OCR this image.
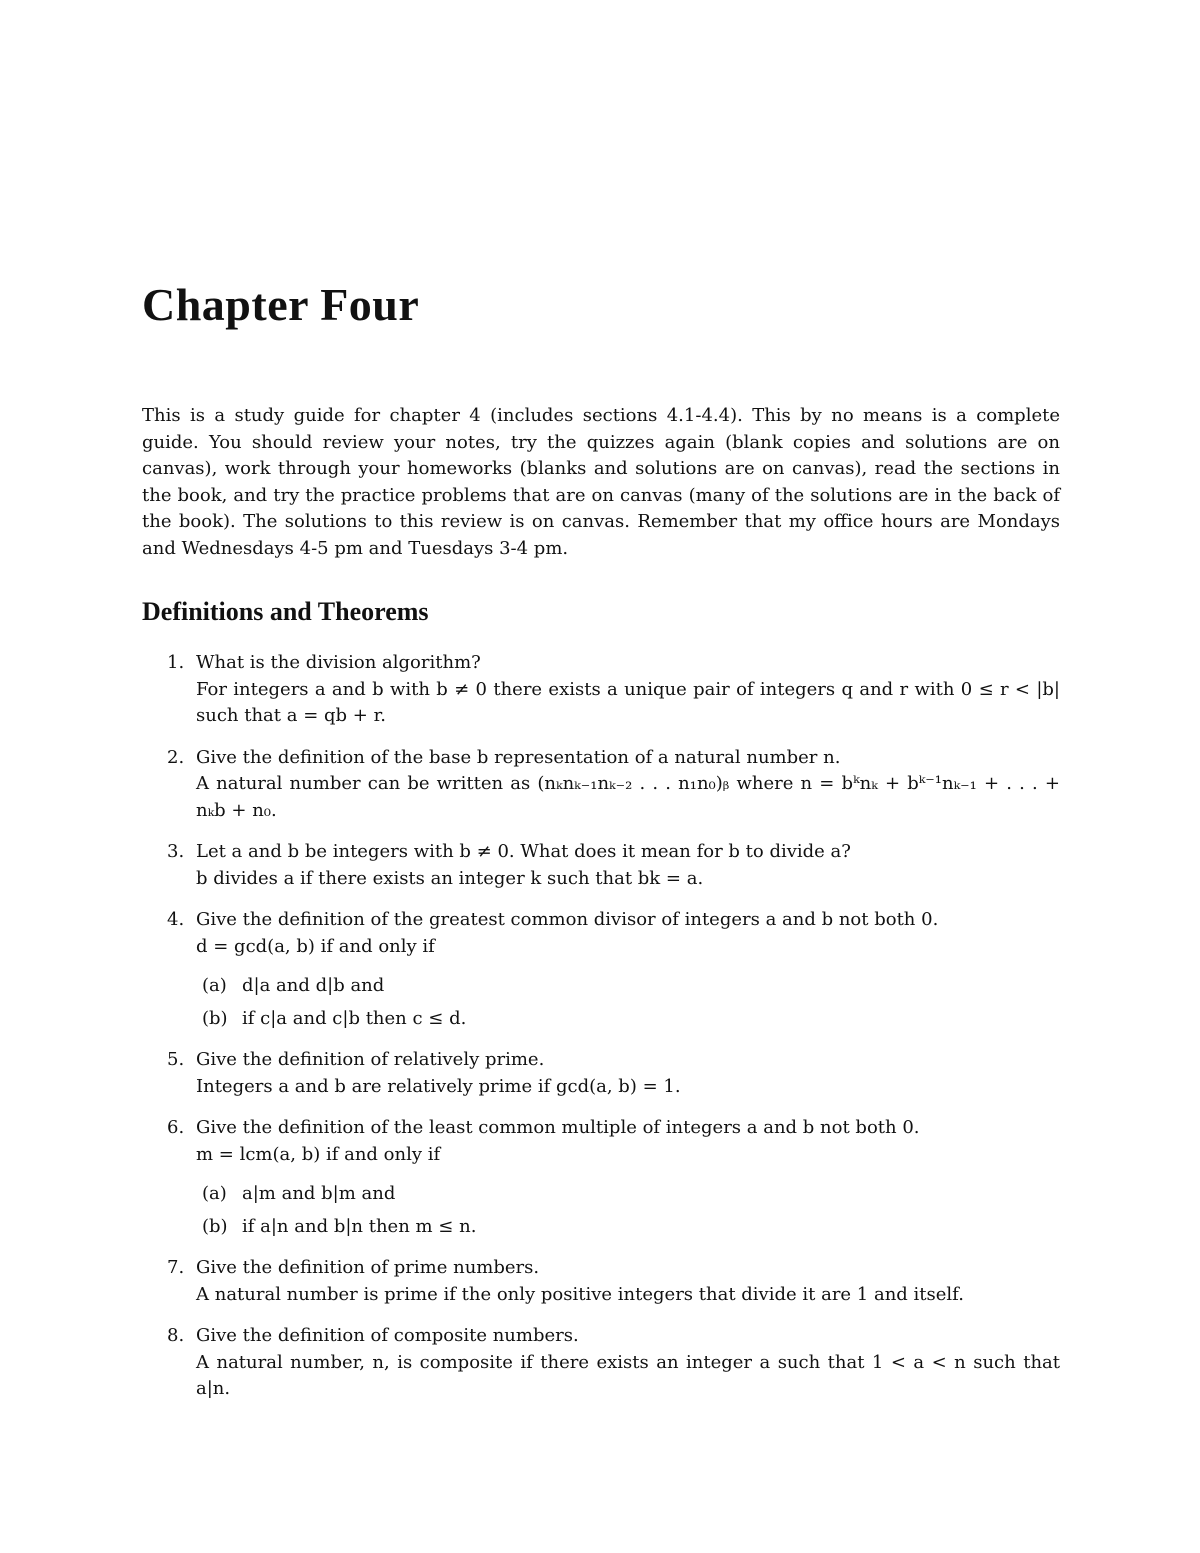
Chapter Four

This is a study guide for chapter 4 (includes sections 4.1-4.4). This by no means is a complete guide. You should review your notes, try the quizzes again (blank copies and solutions are on canvas), work through your homeworks (blanks and solutions are on canvas), read the sections in the book, and try the practice problems that are on canvas (many of the solutions are in the back of the book). The solutions to this review is on canvas. Remember that my office hours are Mondays and Wednesdays 4-5 pm and Tuesdays 3-4 pm.

Definitions and Theorems
1. What is the division algorithm?
For integers a and b with b ≠ 0 there exists a unique pair of integers q and r with 0 ≤ r < |b| such that a = qb + r.
2. Give the definition of the base b representation of a natural number n.
A natural number can be written as (nₖnₖ₋₁nₖ₋₂ . . . n₁n₀)ᵦ where n = bᵏnₖ + bᵏ⁻¹nₖ₋₁ + . . . + nₖb + n₀.
3. Let a and b be integers with b ≠ 0. What does it mean for b to divide a?
b divides a if there exists an integer k such that bk = a.
4. Give the definition of the greatest common divisor of integers a and b not both 0.
d = gcd(a, b) if and only if
(a) d|a and d|b and
(b) if c|a and c|b then c ≤ d.
5. Give the definition of relatively prime.
Integers a and b are relatively prime if gcd(a, b) = 1.
6. Give the definition of the least common multiple of integers a and b not both 0.
m = lcm(a, b) if and only if
(a) a|m and b|m and
(b) if a|n and b|n then m ≤ n.
7. Give the definition of prime numbers.
A natural number is prime if the only positive integers that divide it are 1 and itself.
8. Give the definition of composite numbers.
A natural number, n, is composite if there exists an integer a such that 1 < a < n such that a|n.
